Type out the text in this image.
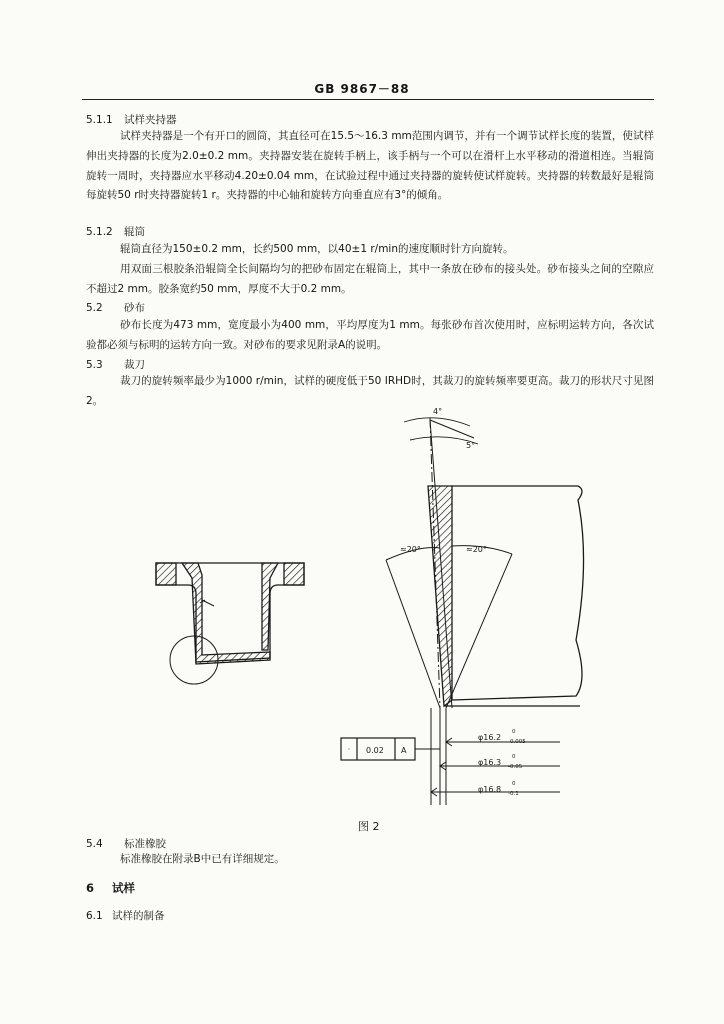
GB 9867－88
5.1.1 试样夹持器
试样夹持器是一个有开口的圆筒，其直径可在15.5～16.3 mm范围内调节，并有一个调节试样长度的装置，使试样伸出夹持器的长度为2.0±0.2 mm。夹持器安装在旋转手柄上，该手柄与一个可以在滑杆上水平移动的滑道相连。当辊筒旋转一周时，夹持器应水平移动4.20±0.04 mm，在试验过程中通过夹持器的旋转使试样旋转。夹持器的转数最好是辊筒每旋转50 r时夹持器旋转1 r。夹持器的中心轴和旋转方向垂直应有3°的倾角。
5.1.2 辊筒
辊筒直径为150±0.2 mm，长约500 mm，以40±1 r/min的速度顺时针方向旋转。
用双面三根胶条沿辊筒全长间隔均匀的把砂布固定在辊筒上，其中一条放在砂布的接头处。砂布接头之间的空隙应不超过2 mm。胶条宽约50 mm，厚度不大于0.2 mm。
5.2 砂布
砂布长度为473 mm，宽度最小为400 mm，平均厚度为1 mm。每张砂布首次使用时，应标明运转方向，各次试验都必须与标明的运转方向一致。对砂布的要求见附录A的说明。
5.3 裁刀
裁刀的旋转频率最少为1000 r/min，试样的硬度低于50 IRHD时，其裁刀的旋转频率要更高。裁刀的形状尺寸见图2。
4°
5°
≈20°	≈20°
0.02 A
φ16.2
0
-0.005
φ16.3
0
-0.05
φ16.8
0
-0.1
图 2
5.4 标准橡胶
标准橡胶在附录B中已有详细规定。
6 试样
6.1 试样的制备
